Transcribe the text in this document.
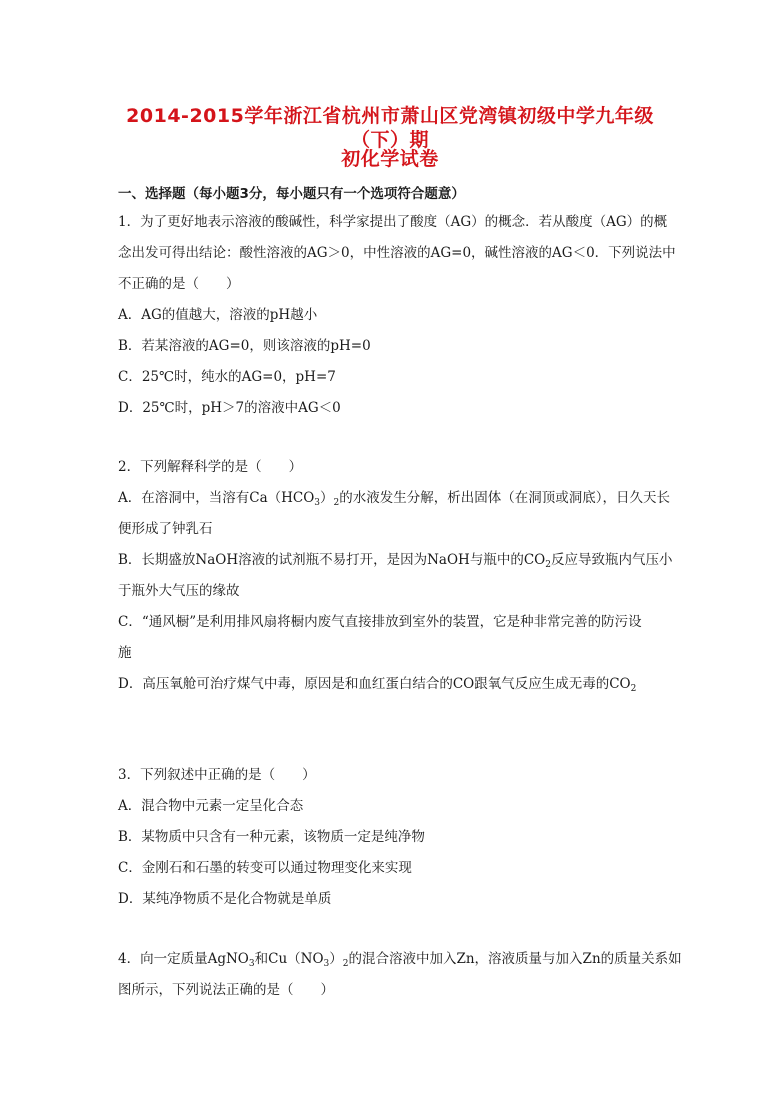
2014-2015学年浙江省杭州市萧山区党湾镇初级中学九年级（下）期
初化学试卷
一、选择题（每小题3分，每小题只有一个选项符合题意）
1．为了更好地表示溶液的酸碱性，科学家提出了酸度（AG）的概念．若从酸度（AG）的概
念出发可得出结论：酸性溶液的AG＞0，中性溶液的AG=0，碱性溶液的AG＜0．下列说法中
不正确的是（　　）
A．AG的值越大，溶液的pH越小
B．若某溶液的AG=0，则该溶液的pH=0
C．25℃时，纯水的AG=0，pH=7
D．25℃时，pH＞7的溶液中AG＜0
2．下列解释科学的是（　　）
A．在溶洞中，当溶有$Ca(HCO_3)_2$的水液发生分解，析出固体（在洞顶或洞底），日久天长
便形成了钟乳石
B．长期盛放NaOH溶液的试剂瓶不易打开，是因为NaOH与瓶中的$CO_2$反应导致瓶内气压小
于瓶外大气压的缘故
C．“通风橱”是利用排风扇将橱内废气直接排放到室外的装置，它是种非常完善的防污设
施
D．高压氧舱可治疗煤气中毒，原因是和血红蛋白结合的CO跟氧气反应生成无毒的$CO_2$
3．下列叙述中正确的是（　　）
A．混合物中元素一定呈化合态
B．某物质中只含有一种元素，该物质一定是纯净物
C．金刚石和石墨的转变可以通过物理变化来实现
D．某纯净物质不是化合物就是单质
4．向一定质量AgNO$_3$和$Cu(NO_3)_2$的混合溶液中加入Zn，溶液质量与加入Zn的质量关系如
图所示，下列说法正确的是（　　）
